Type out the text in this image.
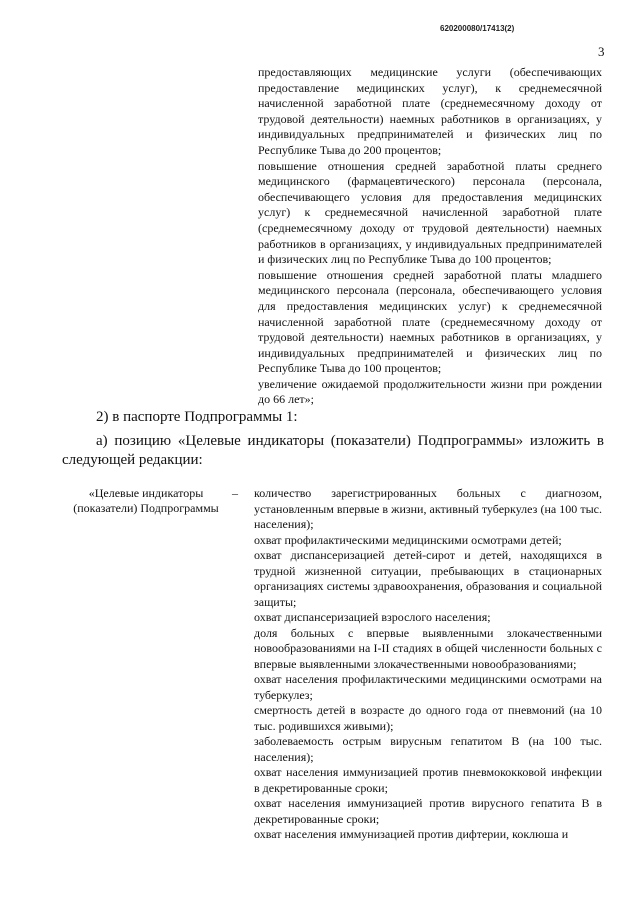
620200080/17413(2)
3

предоставляющих медицинские услуги (обеспечивающих предоставление медицинских услуг), к среднемесячной начисленной заработной плате (среднемесячному доходу от трудовой деятельности) наемных работников в организациях, у индивидуальных предпринимателей и физических лиц по Республике Тыва до 200 процентов;

повышение отношения средней заработной платы среднего медицинского (фармацевтического) персонала (персонала, обеспечивающего условия для предоставления медицинских услуг) к среднемесячной начисленной заработной плате (среднемесячному доходу от трудовой деятельности) наемных работников в организациях, у индивидуальных предпринимателей и физических лиц по Республике Тыва до 100 процентов;

повышение отношения средней заработной платы младшего медицинского персонала (персонала, обеспечивающего условия для предоставления медицинских услуг) к среднемесячной начисленной заработной плате (среднемесячному доходу от трудовой деятельности) наемных работников в организациях, у индивидуальных предпринимателей и физических лиц по Республике Тыва до 100 процентов;

увеличение ожидаемой продолжительности жизни при рождении до 66 лет»;

2) в паспорте Подпрограммы 1:
а) позицию «Целевые индикаторы (показатели) Подпрограммы» изложить в следующей редакции:
«Целевые индикаторы (показатели) Подпрограммы
– количество зарегистрированных больных с диагнозом, установленным впервые в жизни, активный туберкулез (на 100 тыс. населения);

охват профилактическими медицинскими осмотрами детей;

охват диспансеризацией детей-сирот и детей, находящихся в трудной жизненной ситуации, пребывающих в стационарных организациях системы здравоохранения, образования и социальной защиты;

охват диспансеризацией взрослого населения;

доля больных с впервые выявленными злокачественными новообразованиями на I-II стадиях в общей численности больных с впервые выявленными злокачественными новообразованиями;

охват населения профилактическими медицинскими осмотрами на туберкулез;

смертность детей в возрасте до одного года от пневмоний (на 10 тыс. родившихся живыми);

заболеваемость острым вирусным гепатитом В (на 100 тыс. населения);

охват населения иммунизацией против пневмококковой инфекции в декретированные сроки;

охват населения иммунизацией против вирусного гепатита В в декретированные сроки;

охват населения иммунизацией против дифтерии, коклюша и
